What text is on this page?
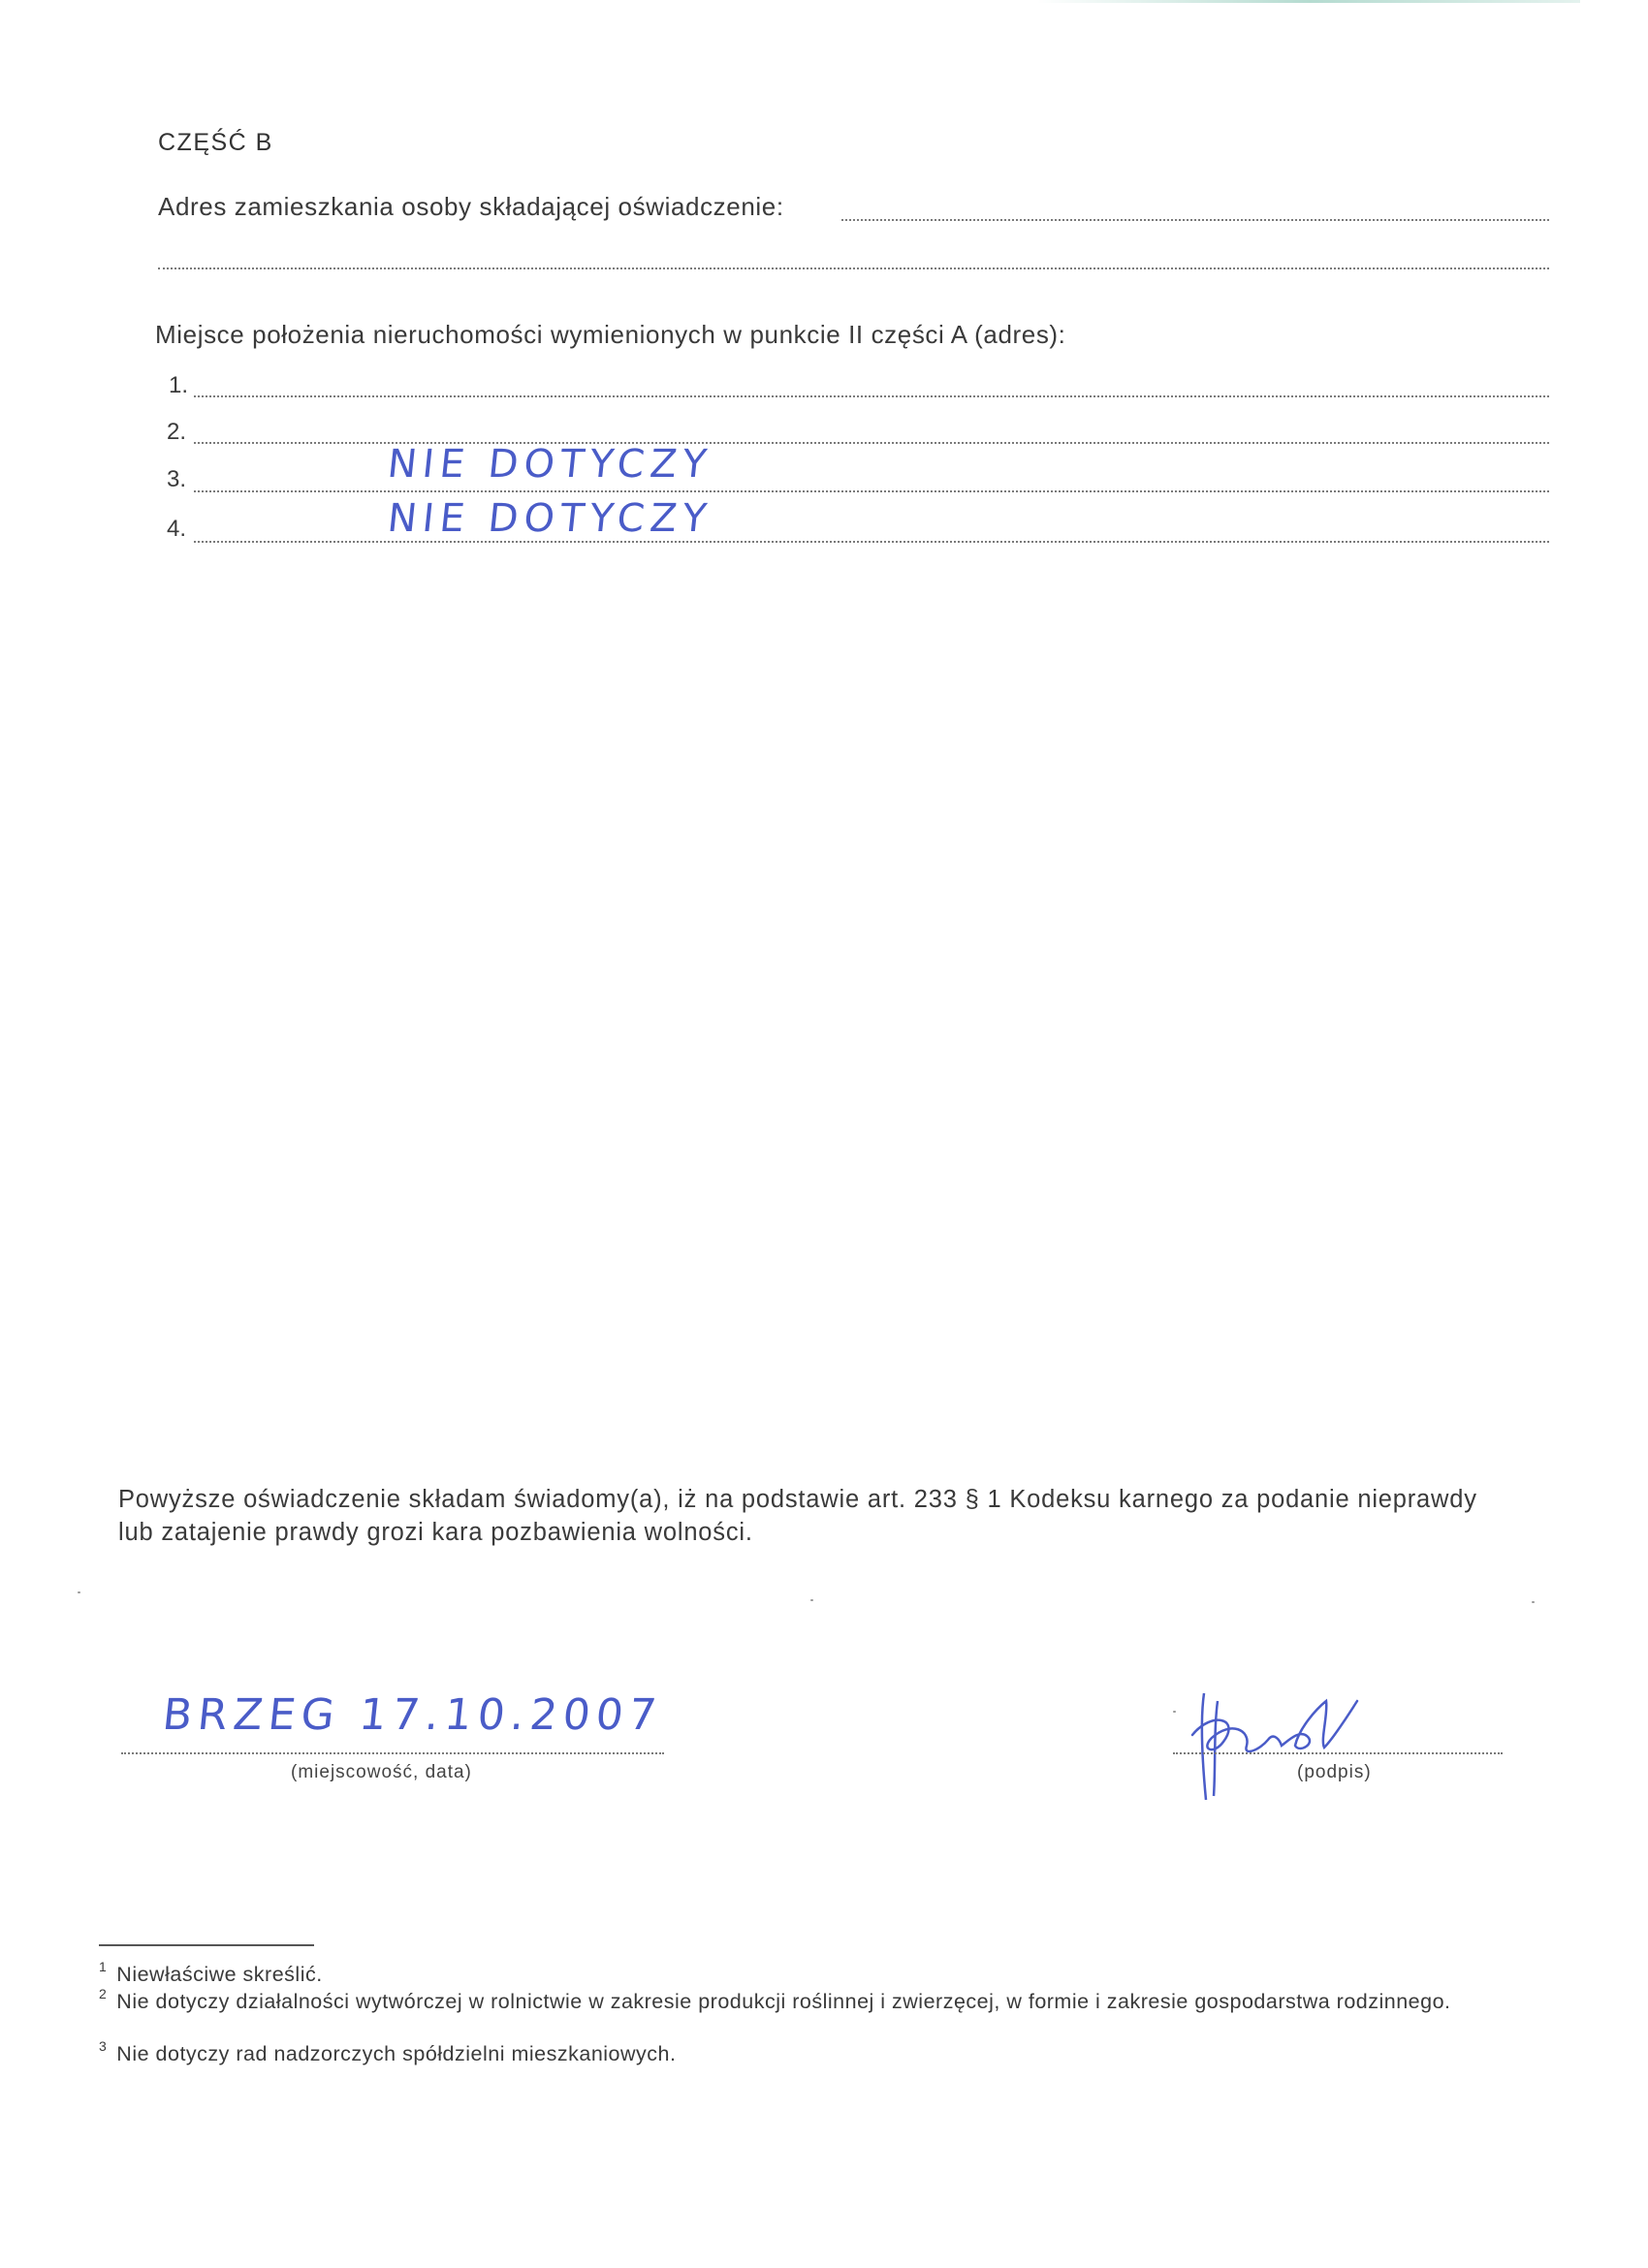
CZĘŚĆ B
Adres zamieszkania osoby składającej oświadczenie:
Miejsce położenia nieruchomości wymienionych w punkcie II części A (adres):
1.
2.
3.	NIE DOTYCZY
4.	NIE DOTYCZY
Powyższe oświadczenie składam świadomy(a), iż na podstawie art. 233 § 1 Kodeksu karnego za podanie nieprawdy lub zatajenie prawdy grozi kara pozbawienia wolności.
BRZEG 17.10.2007
(miejscowość, data)	(podpis)
$^1$ Niewłaściwe skreślić.
$^2$ Nie dotyczy działalności wytwórczej w rolnictwie w zakresie produkcji roślinnej i zwierzęcej, w formie i zakresie gospodarstwa rodzinnego.
$^3$ Nie dotyczy rad nadzorczych spółdzielni mieszkaniowych.
